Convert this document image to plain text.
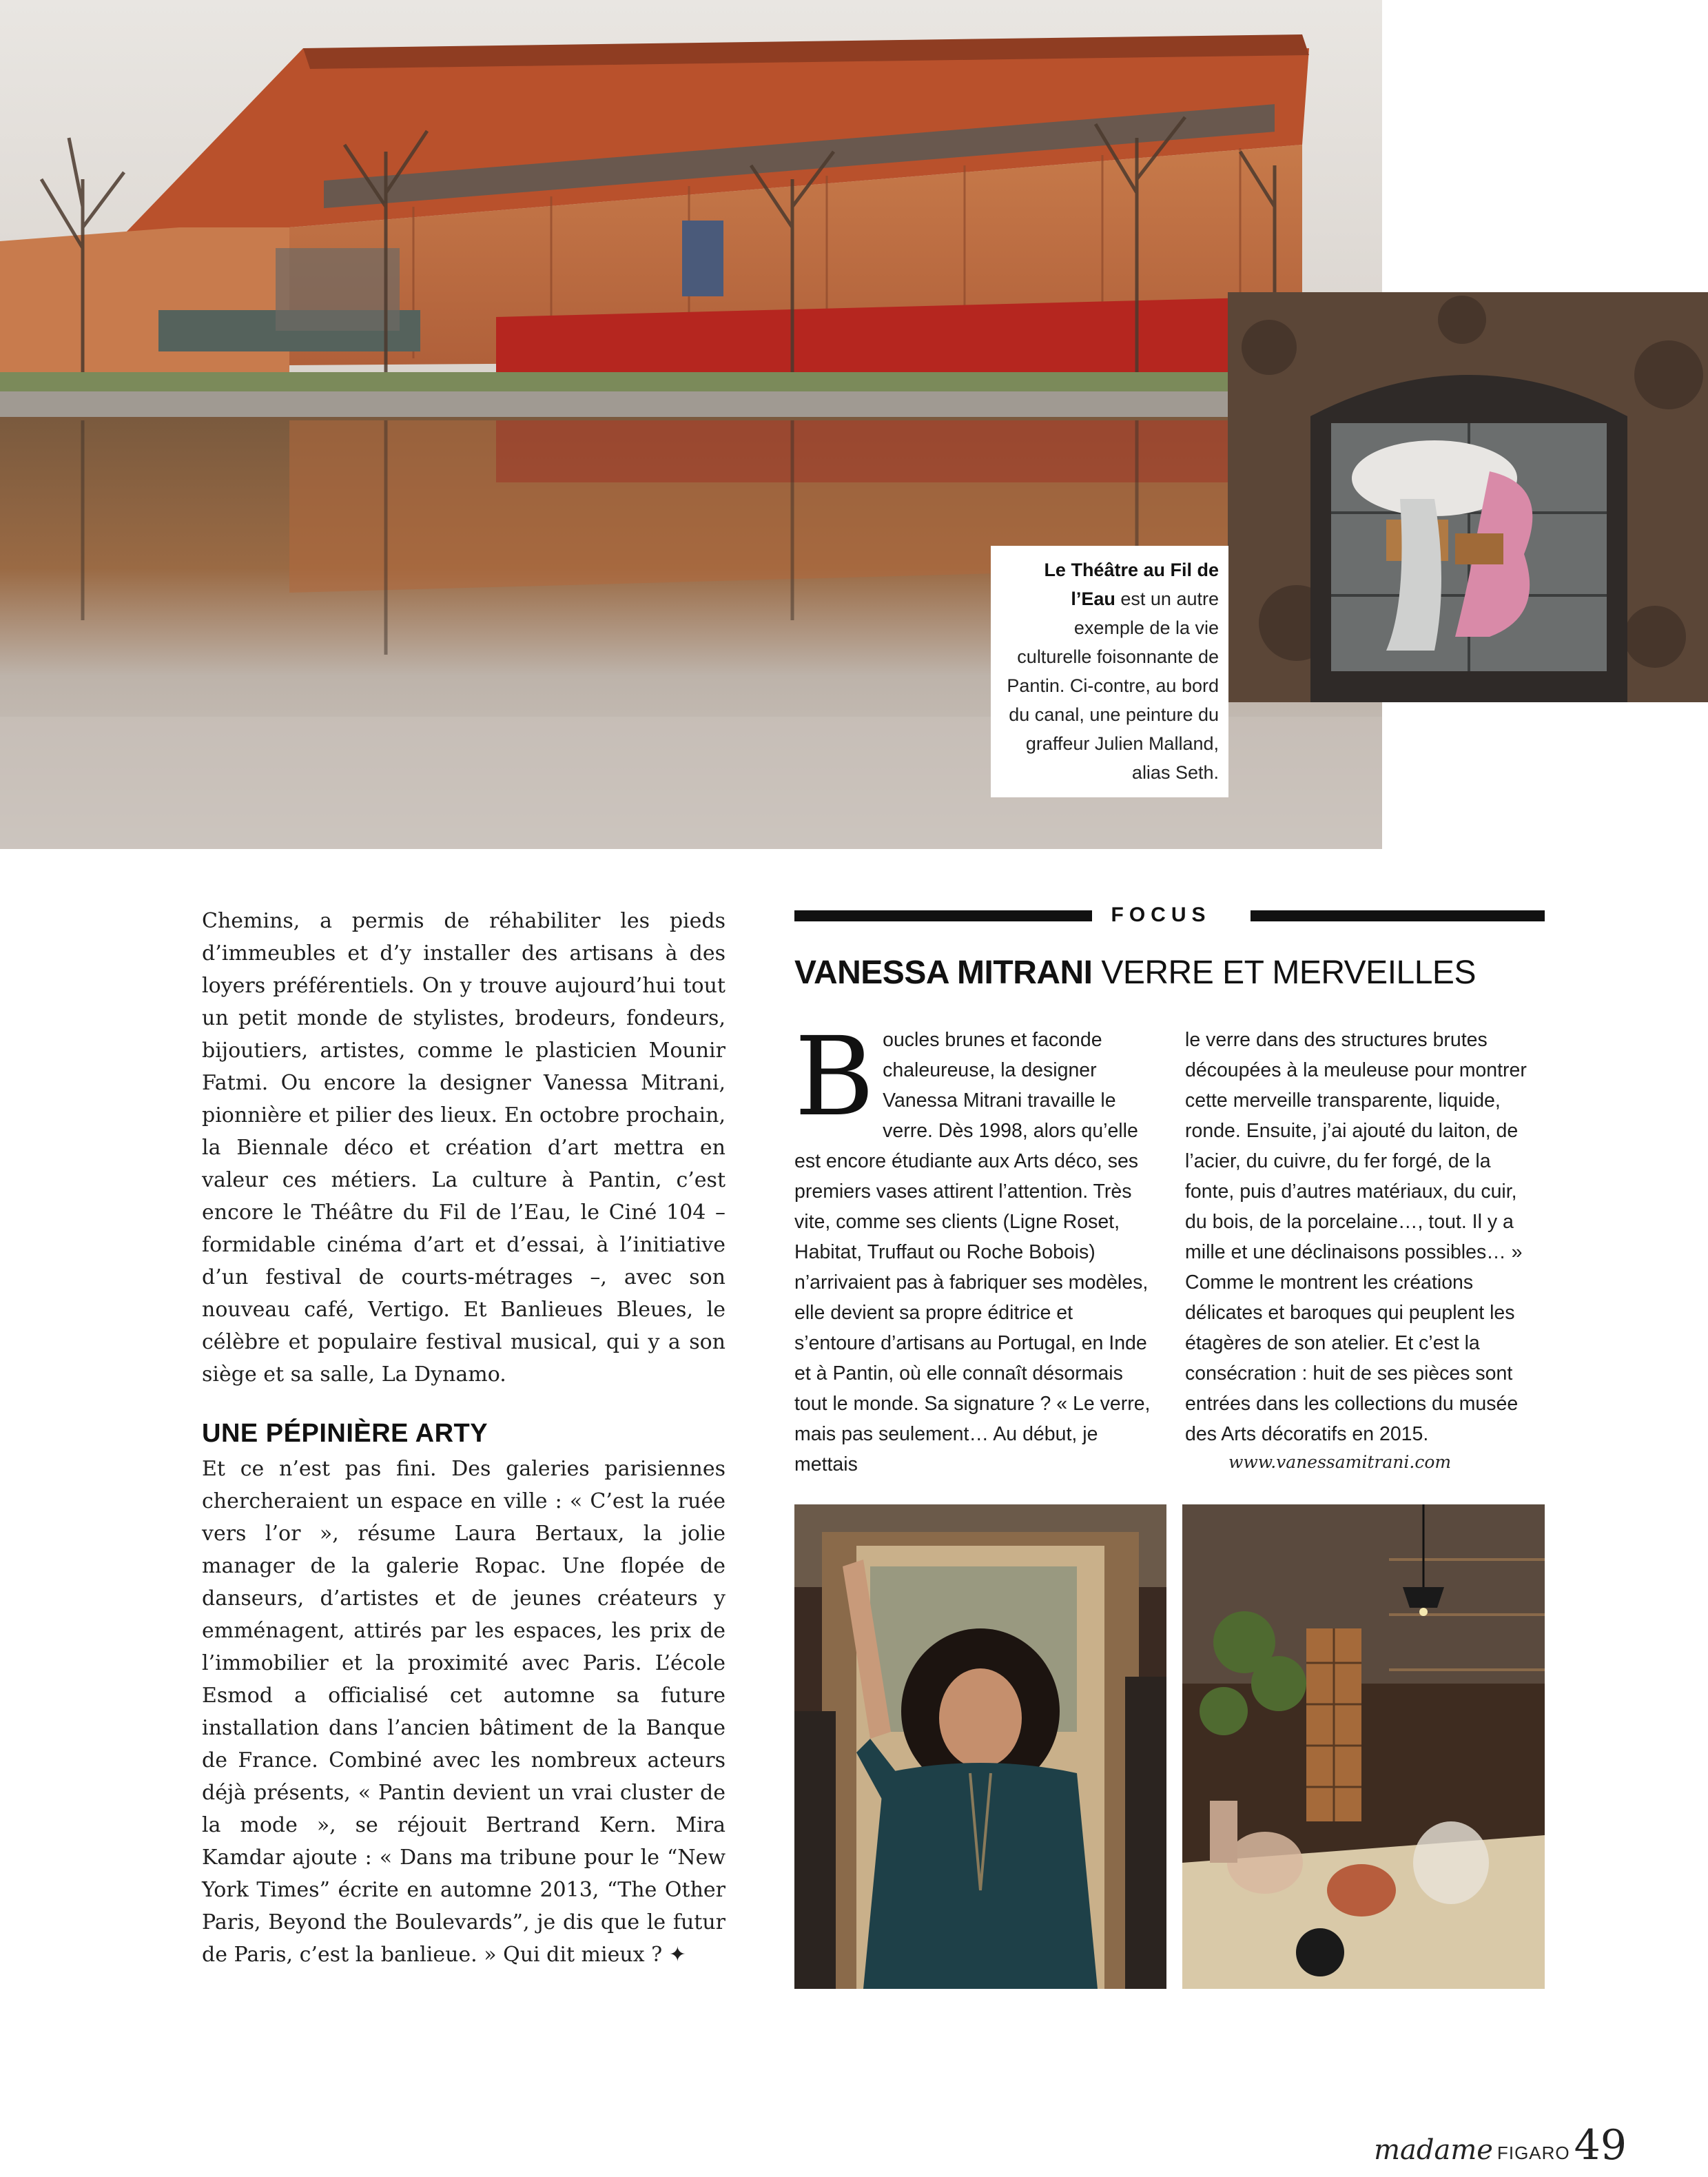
Le Théâtre au Fil de l’Eau est un autre exemple de la vie culturelle foisonnante de Pantin. Ci-contre, au bord du canal, une peinture du graffeur Julien Malland, alias Seth.

Chemins, a permis de réhabiliter les pieds d’immeubles et d’y installer des artisans à des loyers préférentiels. On y trouve aujourd’hui tout un petit monde de stylistes, brodeurs, fondeurs, bijoutiers, artistes, comme le plasticien Mounir Fatmi. Ou encore la designer Vanessa Mitrani, pionnière et pilier des lieux. En octobre prochain, la Biennale déco et création d’art mettra en valeur ces métiers. La culture à Pantin, c’est encore le Théâtre du Fil de l’Eau, le Ciné 104 – formidable cinéma d’art et d’essai, à l’initiative d’un festival de courts-métrages –, avec son nouveau café, Vertigo. Et Banlieues Bleues, le célèbre et populaire festival musical, qui y a son siège et sa salle, La Dynamo.

UNE PÉPINIÈRE ARTY

Et ce n’est pas fini. Des galeries parisiennes chercheraient un espace en ville : « C’est la ruée vers l’or », résume Laura Bertaux, la jolie manager de la galerie Ropac. Une flopée de danseurs, d’artistes et de jeunes créateurs y emménagent, attirés par les espaces, les prix de l’immobilier et la proximité avec Paris. L’école Esmod a officialisé cet automne sa future installation dans l’ancien bâtiment de la Banque de France. Combiné avec les nombreux acteurs déjà présents, « Pantin devient un vrai cluster de la mode », se réjouit Bertrand Kern. Mira Kamdar ajoute : « Dans ma tribune pour le “New York Times” écrite en automne 2013, “The Other Paris, Beyond the Boulevards”, je dis que le futur de Paris, c’est la banlieue. » Qui dit mieux ? ✦

FOCUS
VANESSA MITRANI VERRE ET MERVEILLES
Boucles brunes et faconde chaleureuse, la designer Vanessa Mitrani travaille le verre. Dès 1998, alors qu’elle est encore étudiante aux Arts déco, ses premiers vases attirent l’attention. Très vite, comme ses clients (Ligne Roset, Habitat, Truffaut ou Roche Bobois) n’arrivaient pas à fabriquer ses modèles, elle devient sa propre éditrice et s’entoure d’artisans au Portugal, en Inde et à Pantin, où elle connaît désormais tout le monde. Sa signature ? « Le verre, mais pas seulement… Au début, je mettais
le verre dans des structures brutes découpées à la meuleuse pour montrer cette merveille transparente, liquide, ronde. Ensuite, j’ai ajouté du laiton, de l’acier, du cuivre, du fer forgé, de la fonte, puis d’autres matériaux, du cuir, du bois, de la porcelaine…, tout. Il y a mille et une déclinaisons possibles… » Comme le montrent les créations délicates et baroques qui peuplent les étagères de son atelier. Et c’est la consécration : huit de ses pièces sont entrées dans les collections du musée des Arts décoratifs en 2015.
www.vanessamitrani.com
madame FIGARO 49
